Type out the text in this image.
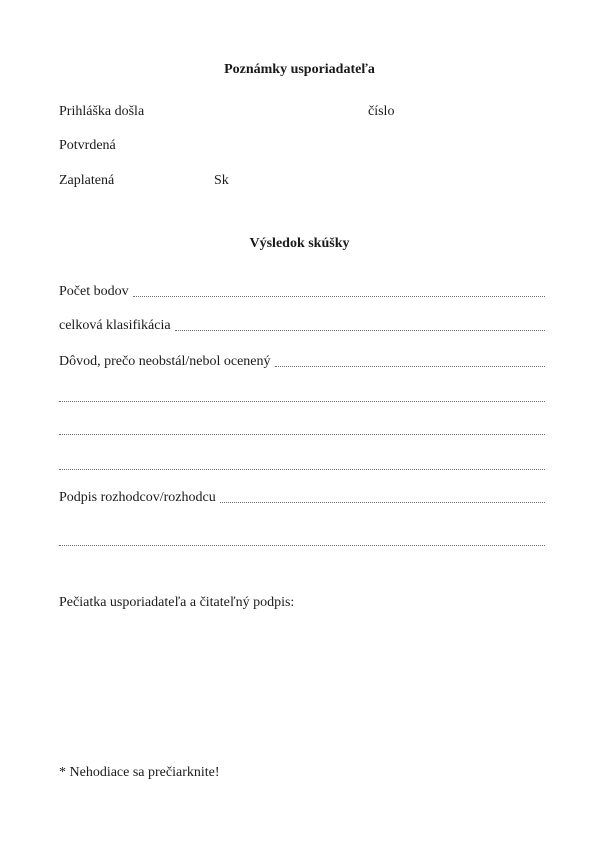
Poznámky usporiadateľa
Prihláška došla	číslo
Potvrdená
Zaplatená	Sk
Výsledok skúšky
Počet bodov
celková klasifikácia
Dôvod, prečo neobstál/nebol ocenený
Podpis rozhodcov/rozhodcu
Pečiatka usporiadateľa a čitateľný podpis:
* Nehodiace sa prečiarknite!
